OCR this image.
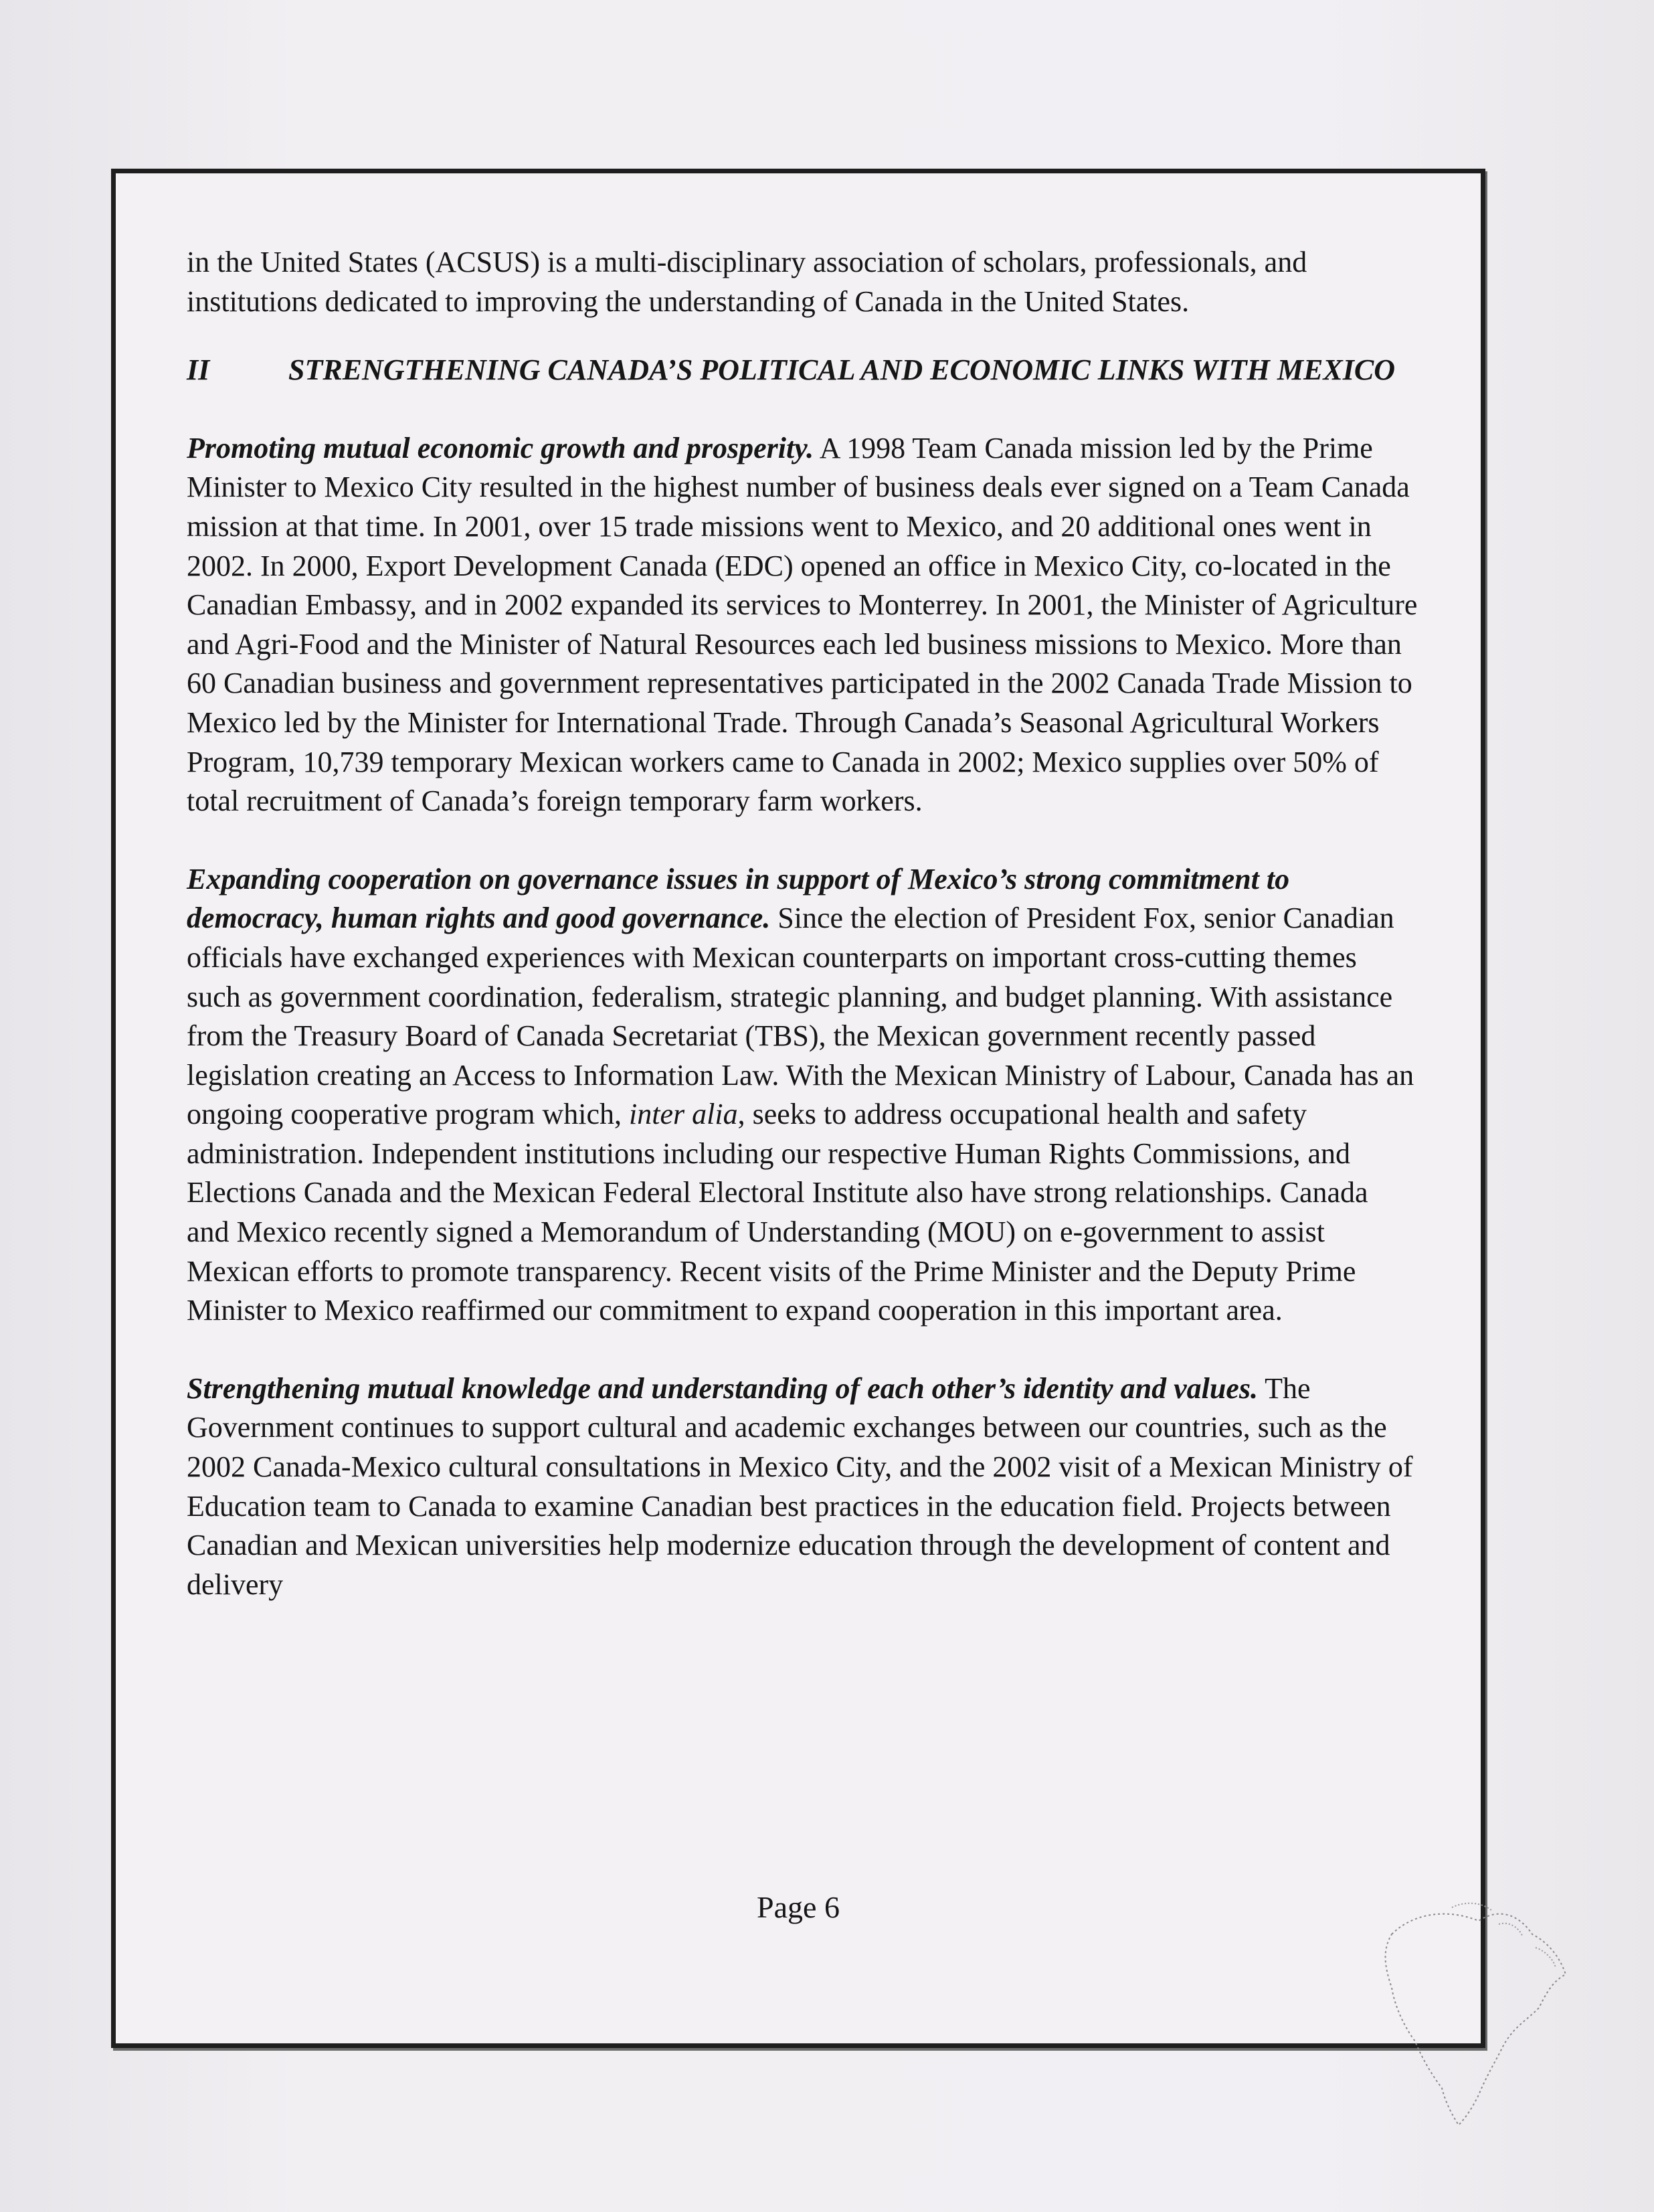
in the United States (ACSUS) is a multi-disciplinary association of scholars, professionals, and institutions dedicated to improving the understanding of Canada in the United States.

II	STRENGTHENING CANADA’S POLITICAL AND ECONOMIC LINKS WITH MEXICO

Promoting mutual economic growth and prosperity. A 1998 Team Canada mission led by the Prime Minister to Mexico City resulted in the highest number of business deals ever signed on a Team Canada mission at that time. In 2001, over 15 trade missions went to Mexico, and 20 additional ones went in 2002. In 2000, Export Development Canada (EDC) opened an office in Mexico City, co-located in the Canadian Embassy, and in 2002 expanded its services to Monterrey. In 2001, the Minister of Agriculture and Agri-Food and the Minister of Natural Resources each led business missions to Mexico. More than 60 Canadian business and government representatives participated in the 2002 Canada Trade Mission to Mexico led by the Minister for International Trade. Through Canada’s Seasonal Agricultural Workers Program, 10,739 temporary Mexican workers came to Canada in 2002; Mexico supplies over 50% of total recruitment of Canada’s foreign temporary farm workers.

Expanding cooperation on governance issues in support of Mexico’s strong commitment to democracy, human rights and good governance. Since the election of President Fox, senior Canadian officials have exchanged experiences with Mexican counterparts on important cross-cutting themes such as government coordination, federalism, strategic planning, and budget planning. With assistance from the Treasury Board of Canada Secretariat (TBS), the Mexican government recently passed legislation creating an Access to Information Law. With the Mexican Ministry of Labour, Canada has an ongoing cooperative program which, inter alia, seeks to address occupational health and safety administration. Independent institutions including our respective Human Rights Commissions, and Elections Canada and the Mexican Federal Electoral Institute also have strong relationships. Canada and Mexico recently signed a Memorandum of Understanding (MOU) on e-government to assist Mexican efforts to promote transparency. Recent visits of the Prime Minister and the Deputy Prime Minister to Mexico reaffirmed our commitment to expand cooperation in this important area.

Strengthening mutual knowledge and understanding of each other’s identity and values. The Government continues to support cultural and academic exchanges between our countries, such as the 2002 Canada-Mexico cultural consultations in Mexico City, and the 2002 visit of a Mexican Ministry of Education team to Canada to examine Canadian best practices in the education field. Projects between Canadian and Mexican universities help modernize education through the development of content and delivery

Page 6
